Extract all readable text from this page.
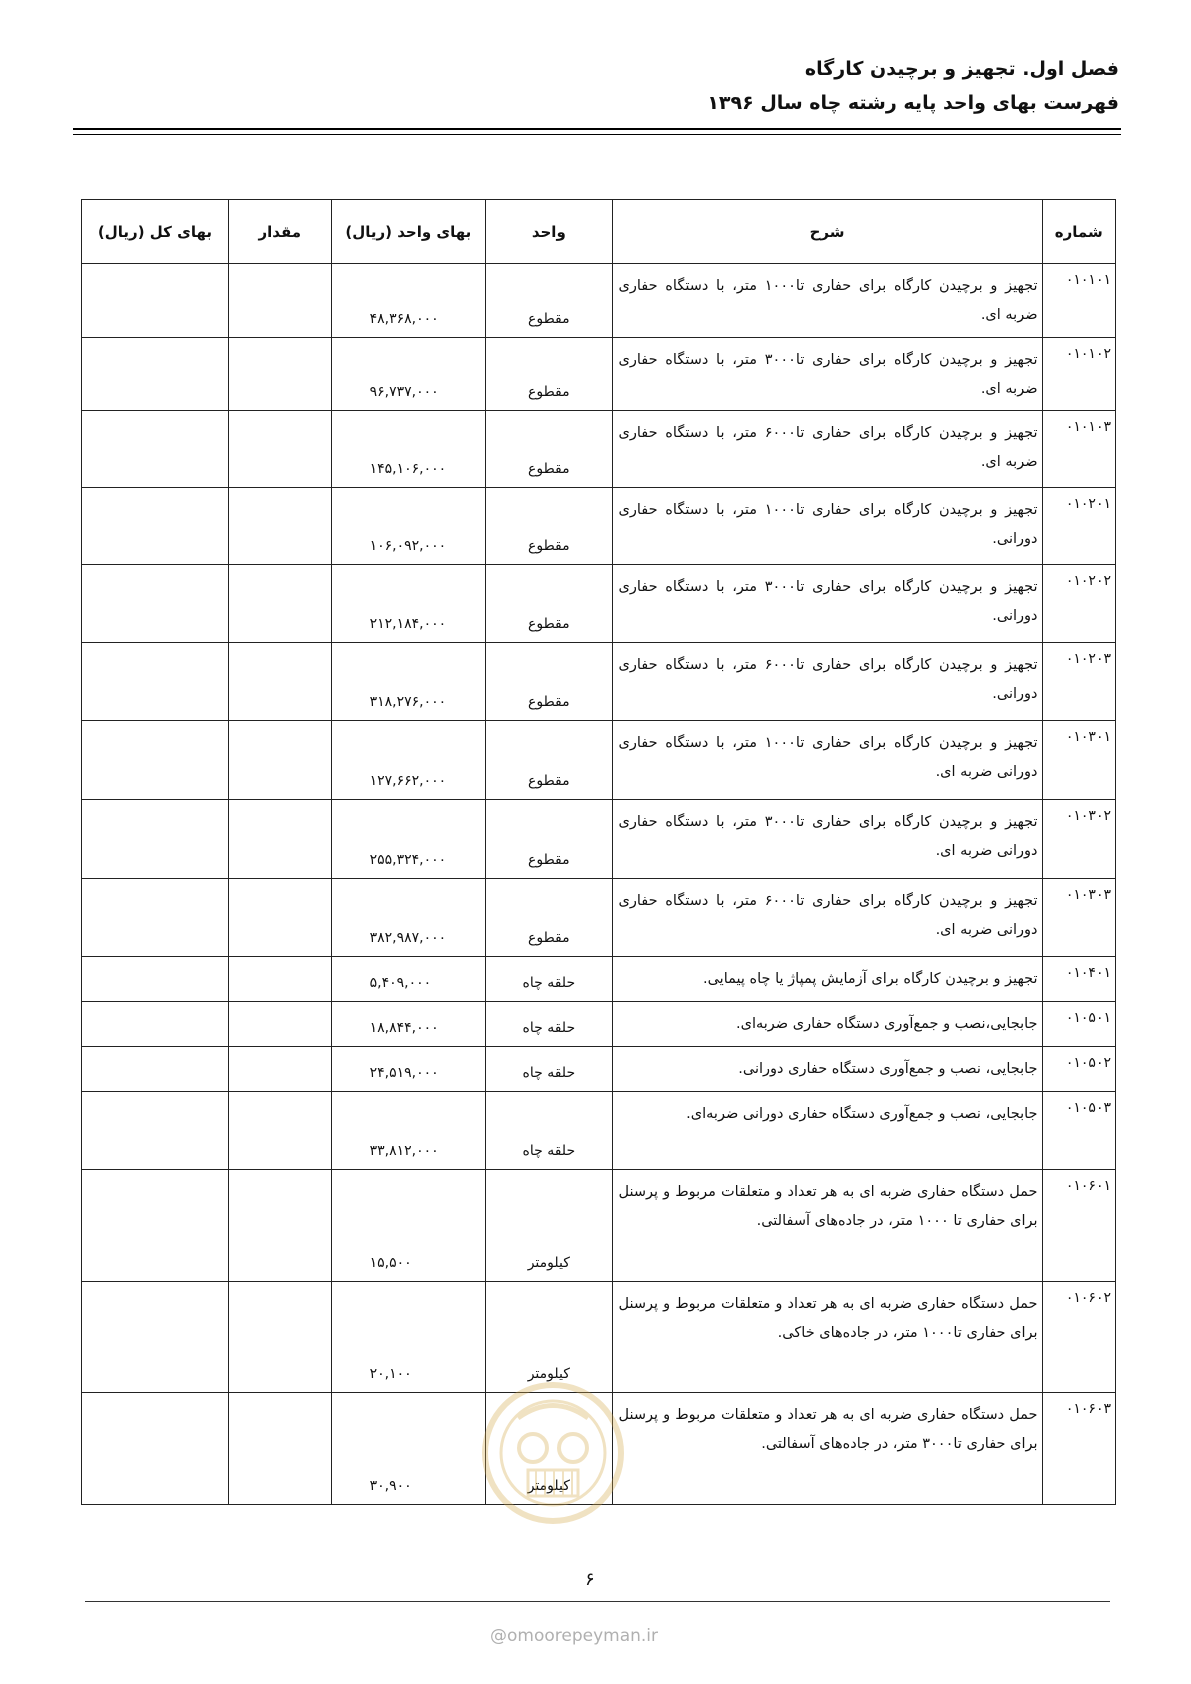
فصل اول. تجهیز و برچیدن کارگاه
فهرست بهای واحد پایه رشته چاه سال ۱۳۹۶
شماره	شرح	واحد	بهای واحد (ریال)	مقدار	بهای کل (ریال)
۰۱۰۱۰۱	تجهیز و برچیدن کارگاه برای حفاری تا۱۰۰۰ متر، با دستگاه حفاری ضربه ای.	مقطوع	۴۸,۳۶۸,۰۰۰		
۰۱۰۱۰۲	تجهیز و برچیدن کارگاه برای حفاری تا۳۰۰۰ متر، با دستگاه حفاری ضربه ای.	مقطوع	۹۶,۷۳۷,۰۰۰		
۰۱۰۱۰۳	تجهیز و برچیدن کارگاه برای حفاری تا۶۰۰۰ متر، با دستگاه حفاری ضربه ای.	مقطوع	۱۴۵,۱۰۶,۰۰۰		
۰۱۰۲۰۱	تجهیز و برچیدن کارگاه برای حفاری تا۱۰۰۰ متر، با دستگاه حفاری دورانی.	مقطوع	۱۰۶,۰۹۲,۰۰۰		
۰۱۰۲۰۲	تجهیز و برچیدن کارگاه برای حفاری تا۳۰۰۰ متر، با دستگاه حفاری دورانی.	مقطوع	۲۱۲,۱۸۴,۰۰۰		
۰۱۰۲۰۳	تجهیز و برچیدن کارگاه برای حفاری تا۶۰۰۰ متر، با دستگاه حفاری دورانی.	مقطوع	۳۱۸,۲۷۶,۰۰۰		
۰۱۰۳۰۱	تجهیز و برچیدن کارگاه برای حفاری تا۱۰۰۰ متر، با دستگاه حفاری دورانی ضربه ای.	مقطوع	۱۲۷,۶۶۲,۰۰۰		
۰۱۰۳۰۲	تجهیز و برچیدن کارگاه برای حفاری تا۳۰۰۰ متر، با دستگاه حفاری دورانی ضربه ای.	مقطوع	۲۵۵,۳۲۴,۰۰۰		
۰۱۰۳۰۳	تجهیز و برچیدن کارگاه برای حفاری تا۶۰۰۰ متر، با دستگاه حفاری دورانی ضربه ای.	مقطوع	۳۸۲,۹۸۷,۰۰۰		
۰۱۰۴۰۱	تجهیز و برچیدن کارگاه برای آزمایش پمپاژ یا چاه پیمایی.	حلقه چاه	۵,۴۰۹,۰۰۰		
۰۱۰۵۰۱	جابجایی،نصب و جمع‌آوری دستگاه حفاری ضربه‌ای.	حلقه چاه	۱۸,۸۴۴,۰۰۰		
۰۱۰۵۰۲	جابجایی، نصب و جمع‌آوری دستگاه حفاری دورانی.	حلقه چاه	۲۴,۵۱۹,۰۰۰		
۰۱۰۵۰۳	جابجایی، نصب و جمع‌آوری دستگاه حفاری دورانی ضربه‌ای.	حلقه چاه	۳۳,۸۱۲,۰۰۰		
۰۱۰۶۰۱	حمل دستگاه حفاری ضربه ای به هر تعداد و متعلقات مربوط و پرسنل برای حفاری تا ۱۰۰۰ متر، در جاده‌های آسفالتی.	کیلومتر	۱۵,۵۰۰		
۰۱۰۶۰۲	حمل دستگاه حفاری ضربه ای به هر تعداد و متعلقات مربوط و پرسنل برای حفاری تا۱۰۰۰ متر، در جاده‌های خاکی.	کیلومتر	۲۰,۱۰۰		
۰۱۰۶۰۳	حمل دستگاه حفاری ضربه ای به هر تعداد و متعلقات مربوط و پرسنل برای حفاری تا۳۰۰۰ متر، در جاده‌های آسفالتی.	کیلومتر	۳۰,۹۰۰		
۶
@omoorepeyman.ir
